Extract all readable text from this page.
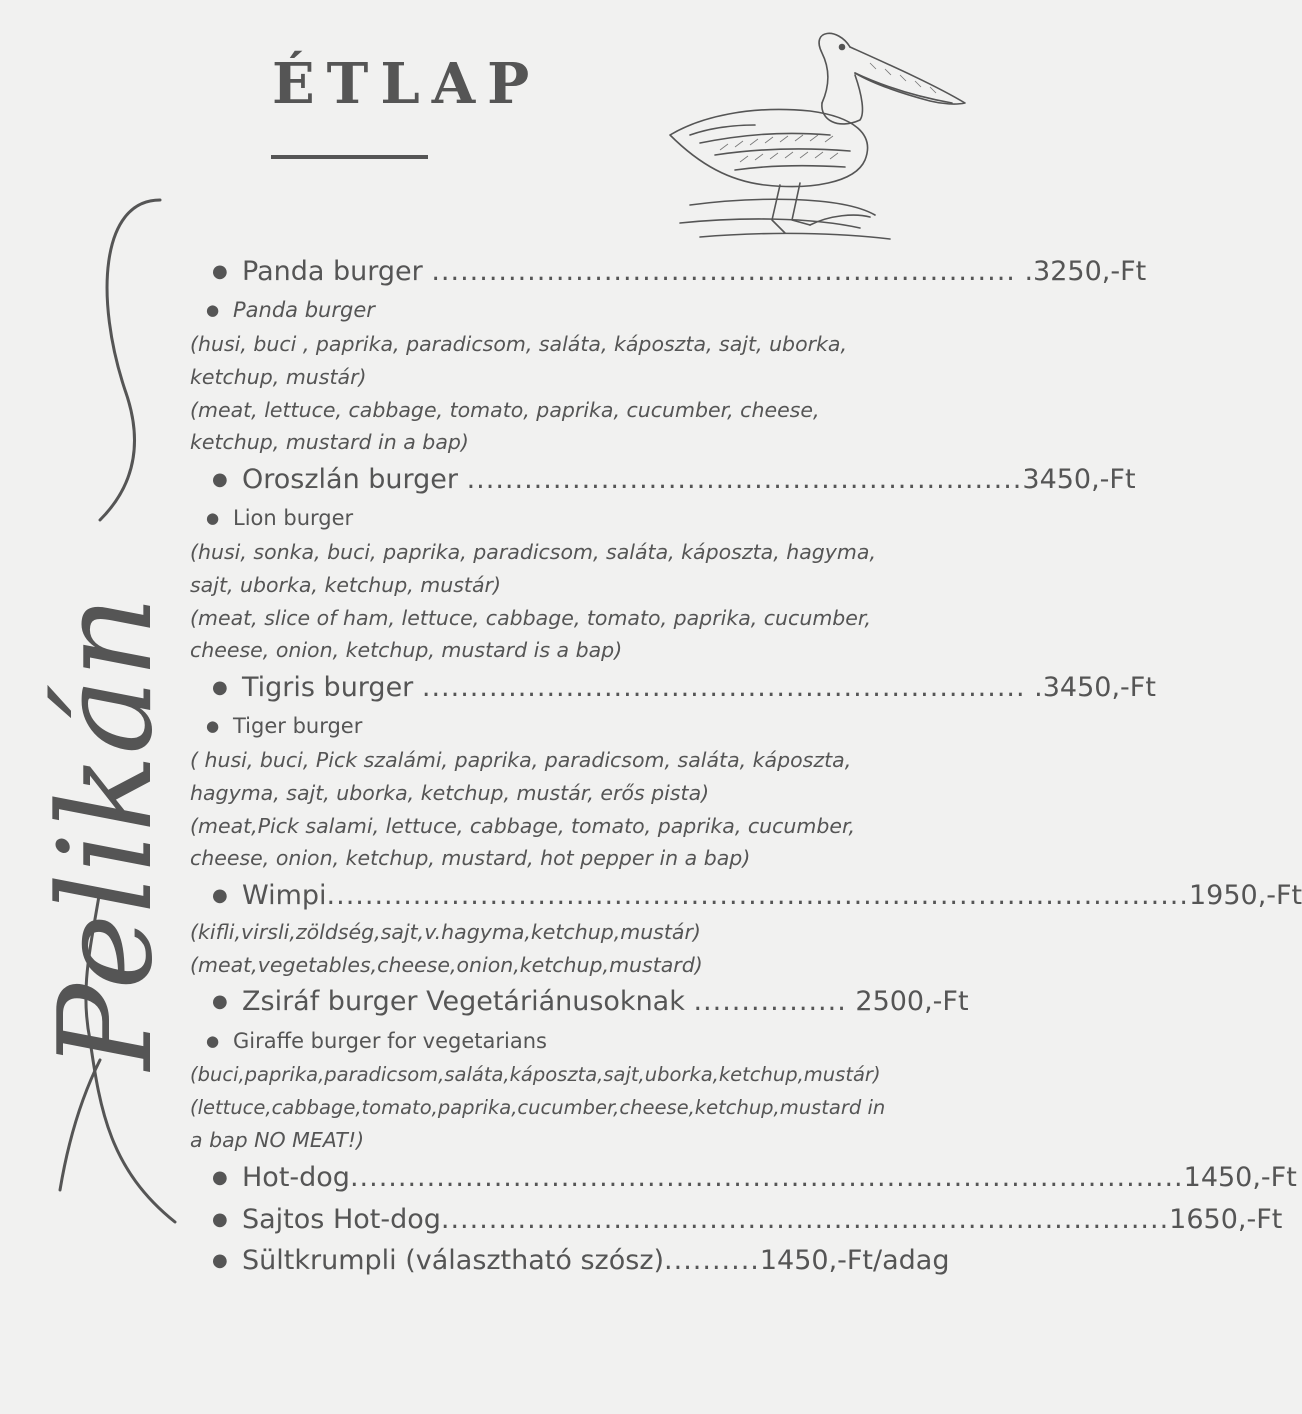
ÉTLAP
Pelikán
● Panda burger
.............................................................
.3250,-Ft
● Panda burger
(husi, buci , paprika, paradicsom, saláta, káposzta, sajt, uborka,
ketchup, mustár)
(meat, lettuce, cabbage, tomato, paprika, cucumber, cheese,
ketchup, mustard in a bap)
● Oroszlán burger
.......................................................... 3450,-Ft
● Lion burger
(husi, sonka, buci, paprika, paradicsom, saláta, káposzta, hagyma,
sajt, uborka, ketchup, mustár)
(meat, slice of ham, lettuce, cabbage, tomato, paprika, cucumber,
cheese, onion, ketchup, mustard is a bap)
● Tigris burger
...............................................................
.3450,-Ft
● Tiger burger
( husi, buci, Pick szalámi, paprika, paradicsom, saláta, káposzta,
hagyma, sajt, uborka, ketchup, mustár, erős pista)
(meat,Pick salami, lettuce, cabbage, tomato, paprika, cucumber,
cheese, onion, ketchup, mustard, hot pepper in a bap)
● Wimpi .......................................................................................... 1950,-Ft
(kifli,virsli,zöldség,sajt,v.hagyma,ketchup,mustár)
(meat,vegetables,cheese,onion,ketchup,mustard)
● Zsiráf burger Vegetáriánusoknak
................
2500,-Ft
● Giraffe burger for vegetarians
(buci,paprika,paradicsom,saláta,káposzta,sajt,uborka,ketchup,mustár)
(lettuce,cabbage,tomato,paprika,cucumber,cheese,ketchup,mustard in
a bap NO MEAT!)
● Hot-dog ....................................................................................... 1450,-Ft
● Sajtos Hot-dog ............................................................................ 1650,-Ft
● Sültkrumpli (választható szósz) .......... 1450,-Ft/adag
